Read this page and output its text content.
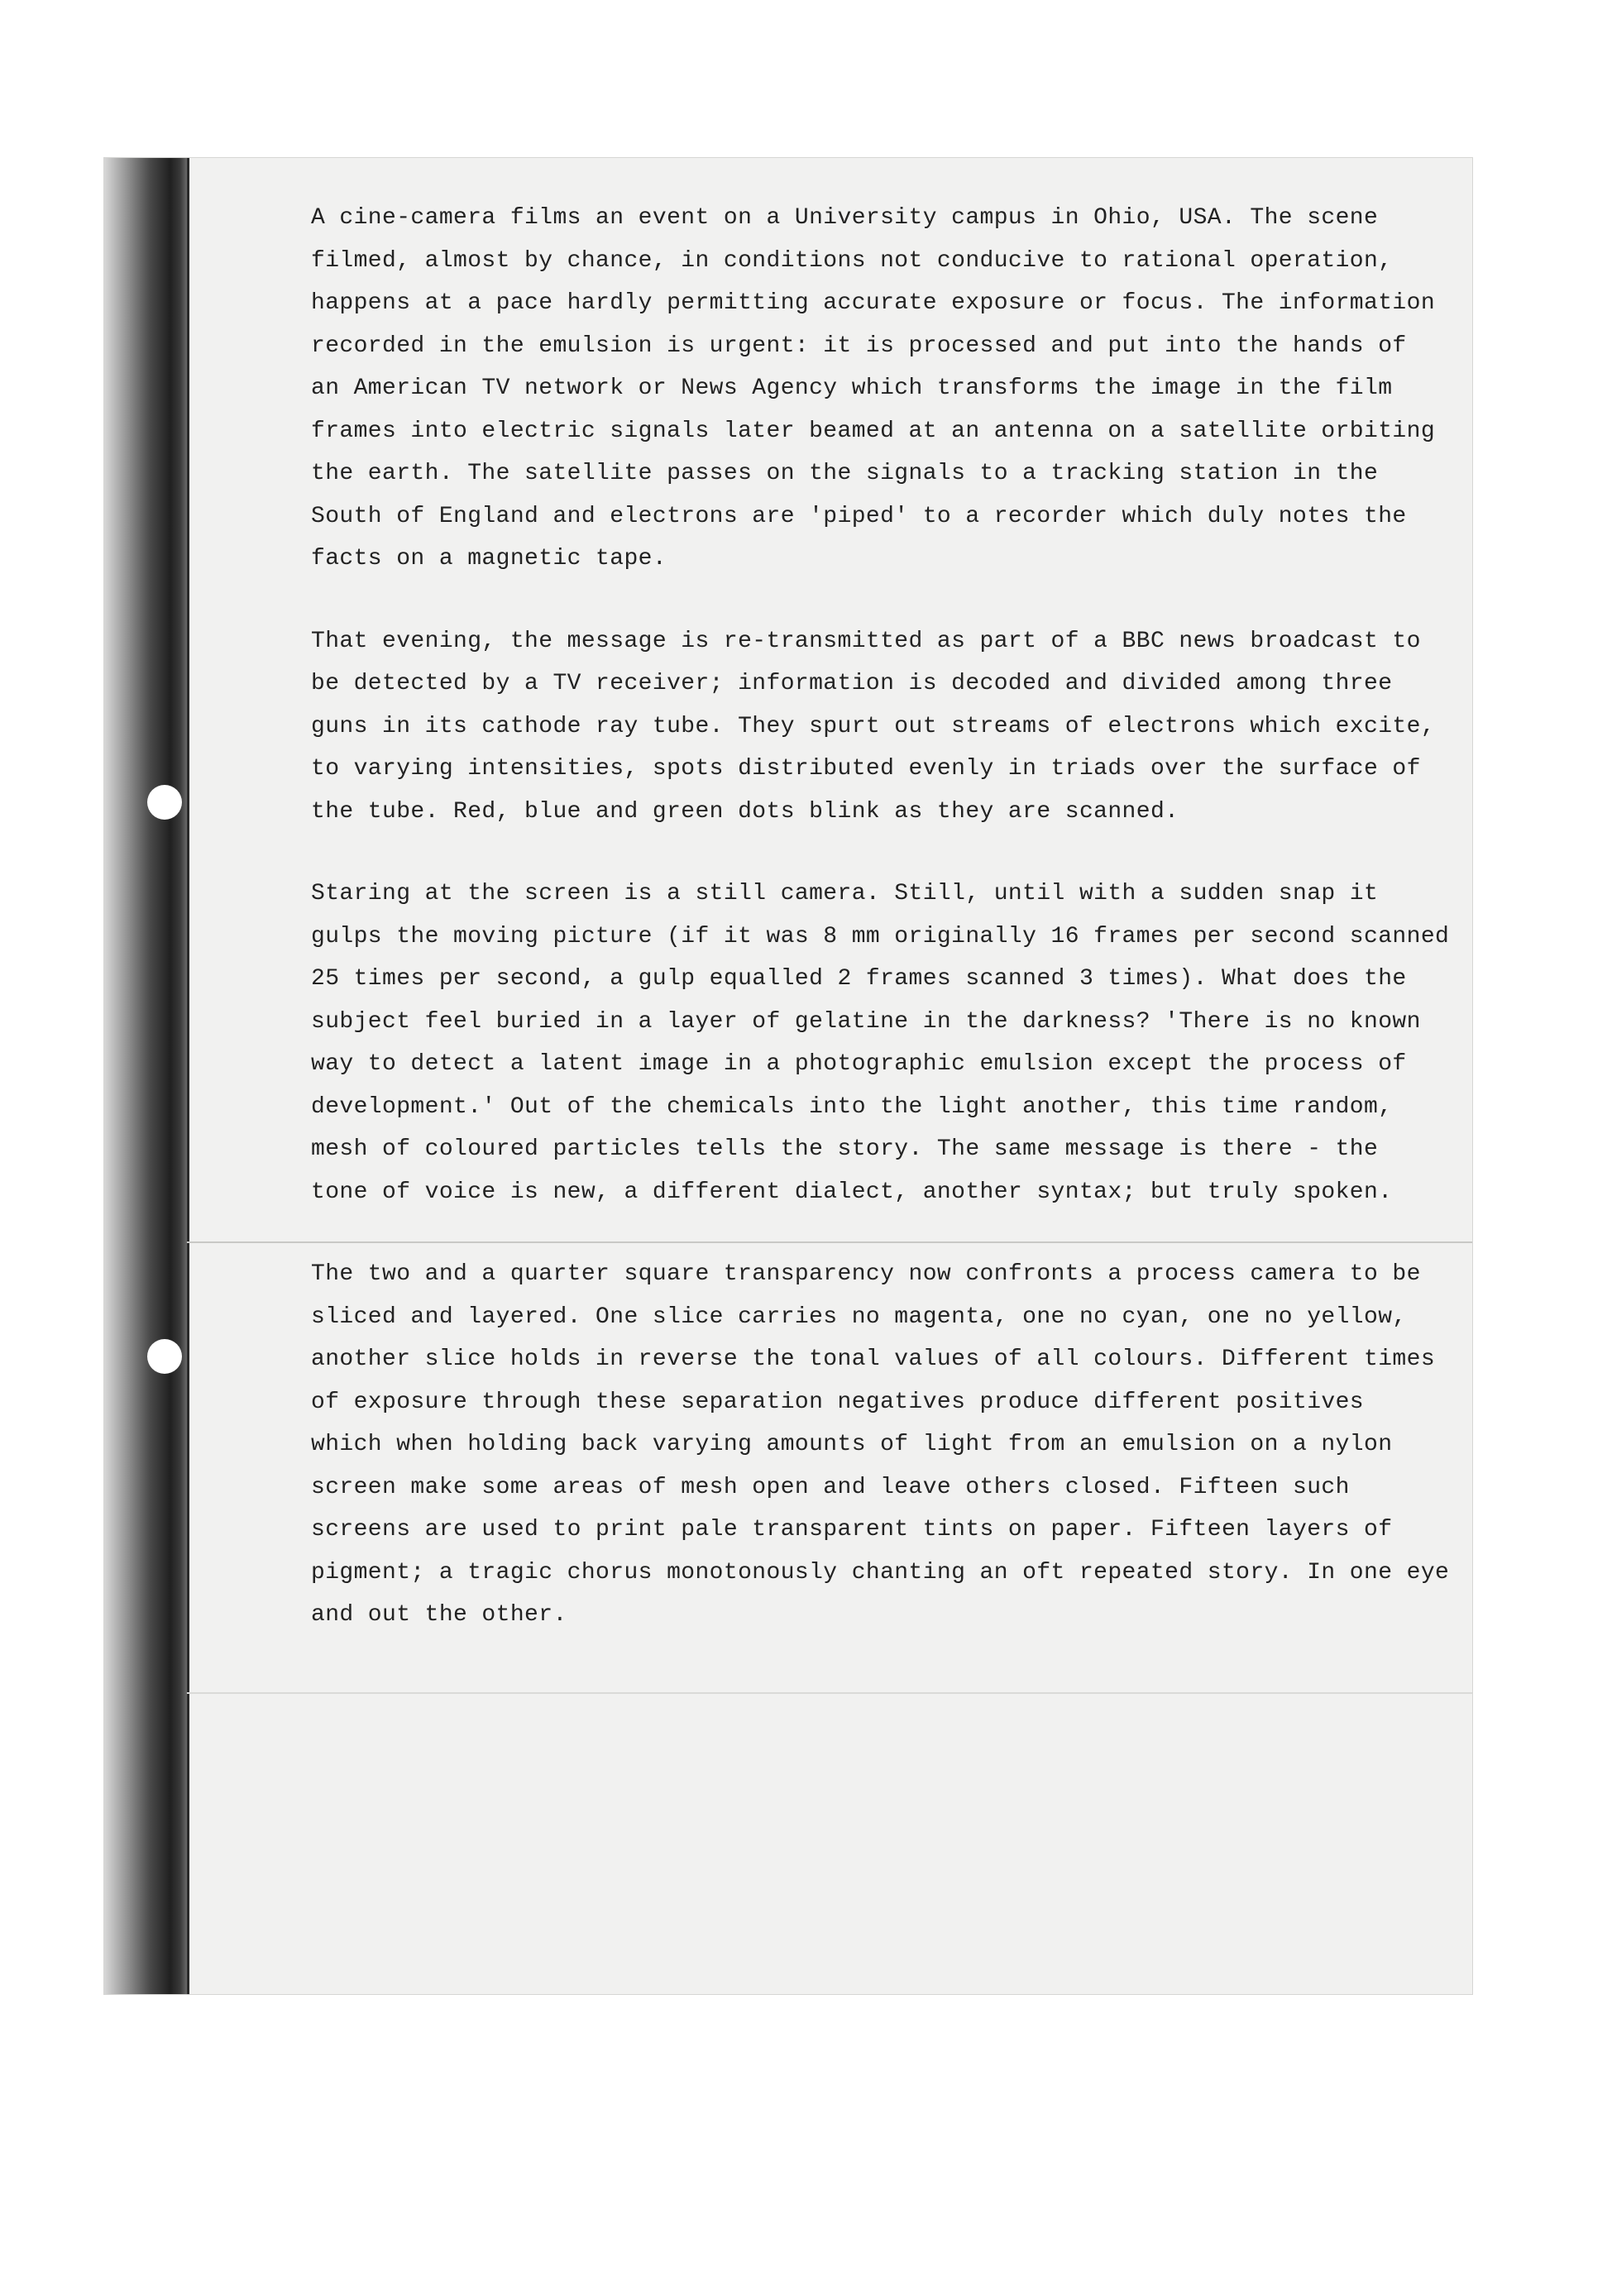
A cine-camera films an event on a University campus in Ohio, USA. The scene
filmed, almost by chance, in conditions not conducive to rational operation,
happens at a pace hardly permitting accurate exposure or focus. The information
recorded in the emulsion is urgent: it is processed and put into the hands of
an American TV network or News Agency which transforms the image in the film
frames into electric signals later beamed at an antenna on a satellite orbiting
the earth. The satellite passes on the signals to a tracking station in the
South of England and electrons are 'piped' to a recorder which duly notes the
facts on a magnetic tape.

That evening, the message is re-transmitted as part of a BBC news broadcast to
be detected by a TV receiver; information is decoded and divided among three
guns in its cathode ray tube. They spurt out streams of electrons which excite,
to varying intensities, spots distributed evenly in triads over the surface of
the tube. Red, blue and green dots blink as they are scanned.

Staring at the screen is a still camera. Still, until with a sudden snap it
gulps the moving picture (if it was 8 mm originally 16 frames per second scanned
25 times per second, a gulp equalled 2 frames scanned 3 times). What does the
subject feel buried in a layer of gelatine in the darkness? 'There is no known
way to detect a latent image in a photographic emulsion except the process of
development.' Out of the chemicals into the light another, this time random,
mesh of coloured particles tells the story. The same message is there - the
tone of voice is new, a different dialect, another syntax; but truly spoken.

The two and a quarter square transparency now confronts a process camera to be
sliced and layered. One slice carries no magenta, one no cyan, one no yellow,
another slice holds in reverse the tonal values of all colours. Different times
of exposure through these separation negatives produce different positives
which when holding back varying amounts of light from an emulsion on a nylon
screen make some areas of mesh open and leave others closed. Fifteen such
screens are used to print pale transparent tints on paper. Fifteen layers of
pigment; a tragic chorus monotonously chanting an oft repeated story. In one eye
and out the other.
